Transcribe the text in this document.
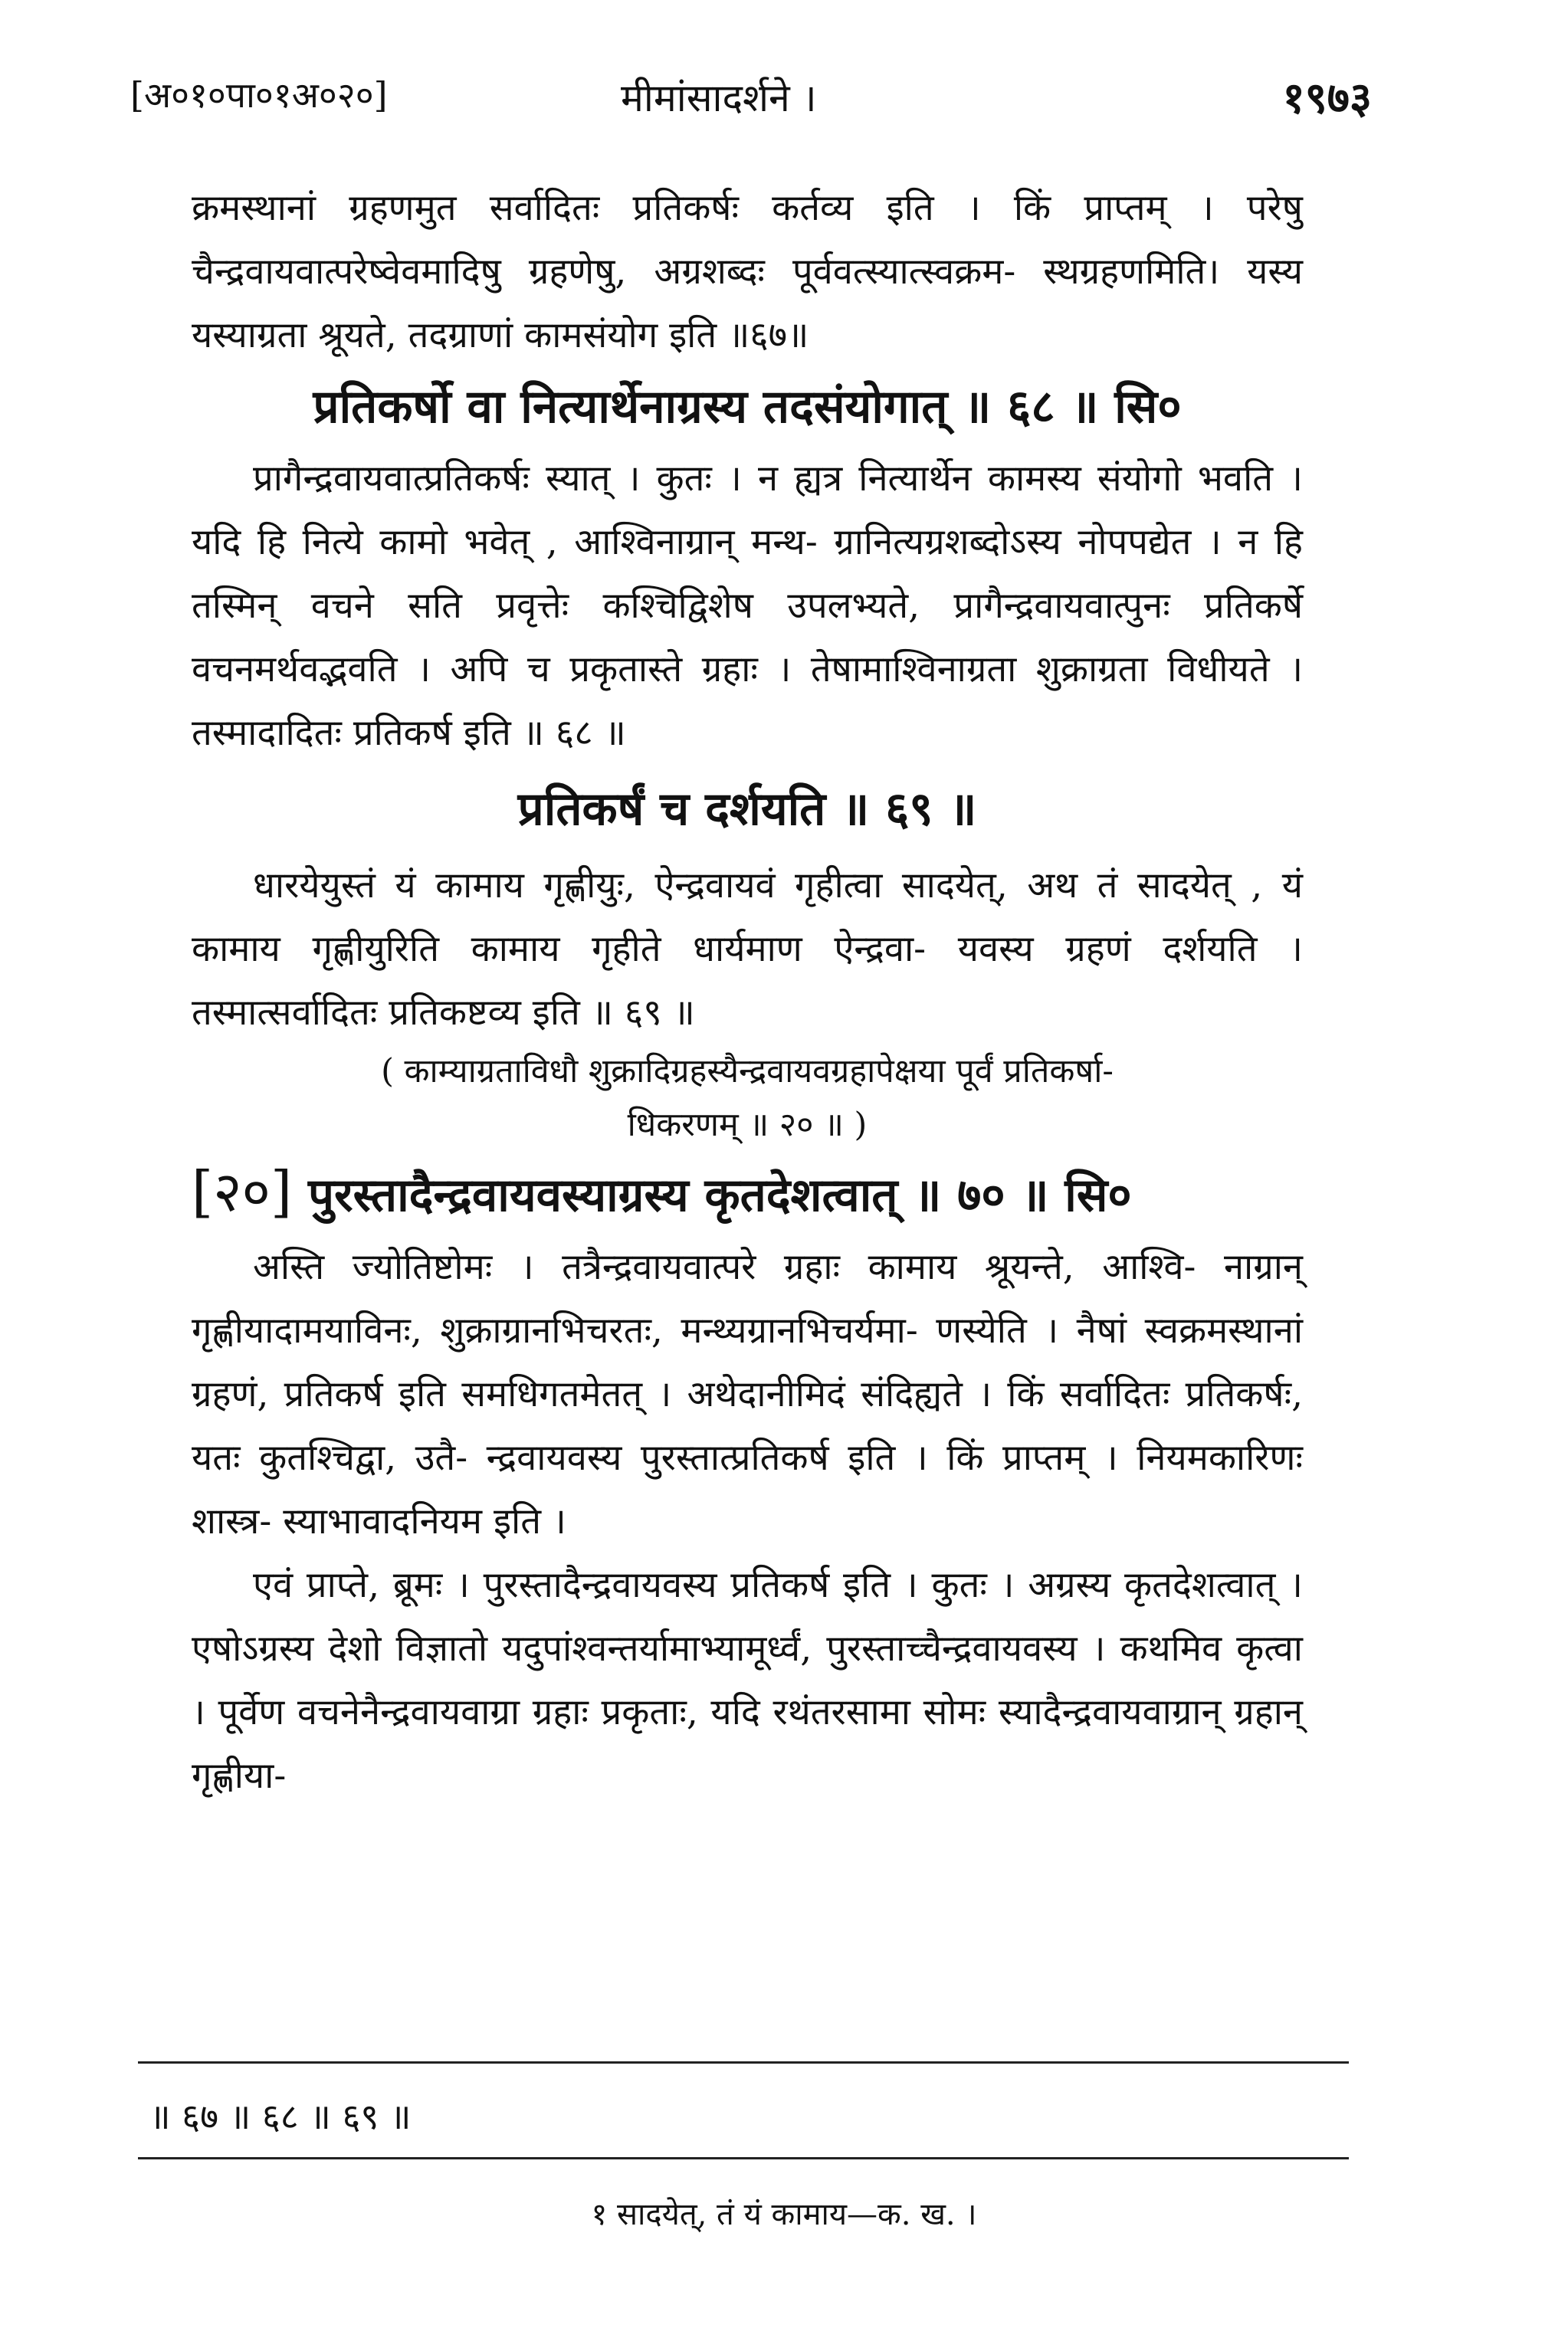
[अ०१०पा०१अ०२०]	मीमांसादर्शने ।	१९७३

क्रमस्थानां ग्रहणमुत सर्वादितः प्रतिकर्षः कर्तव्य इति । किं प्राप्तम् । परेषु चैन्द्रवायवात्परेष्वेवमादिषु ग्रहणेषु, अग्रशब्दः पूर्ववत्स्यात्स्वक्रम- स्थग्रहणमिति। यस्य यस्याग्रता श्रूयते, तदग्राणां कामसंयोग इति ॥६७॥

प्रतिकर्षो वा नित्यार्थेनाग्रस्य तदसंयोगात् ॥ ६८ ॥ सि०

प्रागैन्द्रवायवात्प्रतिकर्षः स्यात् । कुतः । न ह्यत्र नित्यार्थेन कामस्य संयोगो भवति । यदि हि नित्ये कामो भवेत् , आश्विनाग्रान् मन्थ- ग्रानित्यग्रशब्दोऽस्य नोपपद्येत । न हि तस्मिन् वचने सति प्रवृत्तेः कश्चिद्विशेष उपलभ्यते, प्रागैन्द्रवायवात्पुनः प्रतिकर्षे वचनमर्थवद्भवति । अपि च प्रकृतास्ते ग्रहाः । तेषामाश्विनाग्रता शुक्राग्रता विधीयते । तस्मादादितः प्रतिकर्ष इति ॥ ६८ ॥

प्रतिकर्षं च दर्शयति ॥ ६९ ॥

धारयेयुस्तं यं कामाय गृह्णीयुः, ऐन्द्रवायवं गृहीत्वा सादयेत्, अथ तं सादयेत् , यं कामाय गृह्णीयुरिति कामाय गृहीते धार्यमाण ऐन्द्रवा- यवस्य ग्रहणं दर्शयति । तस्मात्सर्वादितः प्रतिकष्टव्य इति ॥ ६९ ॥

( काम्याग्रताविधौ शुक्रादिग्रहस्यैन्द्रवायवग्रहापेक्षया पूर्वं प्रतिकर्षा-
धिकरणम् ॥ २० ॥ )

[२०] पुरस्तादैन्द्रवायवस्याग्रस्य कृतदेशत्वात् ॥ ७० ॥ सि०

अस्ति ज्योतिष्टोमः । तत्रैन्द्रवायवात्परे ग्रहाः कामाय श्रूयन्ते, आश्वि- नाग्रान् गृह्णीयादामयाविनः, शुक्राग्रानभिचरतः, मन्थ्यग्रानभिचर्यमा- णस्येति । नैषां स्वक्रमस्थानां ग्रहणं, प्रतिकर्ष इति समधिगतमेतत् । अथेदानीमिदं संदिह्यते । किं सर्वादितः प्रतिकर्षः, यतः कुतश्चिद्वा, उतै- न्द्रवायवस्य पुरस्तात्प्रतिकर्ष इति । किं प्राप्तम् । नियमकारिणः शास्त्र- स्याभावादनियम इति ।

एवं प्राप्ते, ब्रूमः । पुरस्तादैन्द्रवायवस्य प्रतिकर्ष इति । कुतः । अग्रस्य कृतदेशत्वात् । एषोऽग्रस्य देशो विज्ञातो यदुपांश्वन्तर्यामाभ्यामूर्ध्वं, पुरस्ताच्चैन्द्रवायवस्य । कथमिव कृत्वा । पूर्वेण वचनेनैन्द्रवायवाग्रा ग्रहाः प्रकृताः, यदि रथंतरसामा सोमः स्यादैन्द्रवायवाग्रान् ग्रहान् गृह्णीया-

॥ ६७ ॥ ६८ ॥ ६९ ॥
१ सादयेत्, तं यं कामाय—क. ख. ।
